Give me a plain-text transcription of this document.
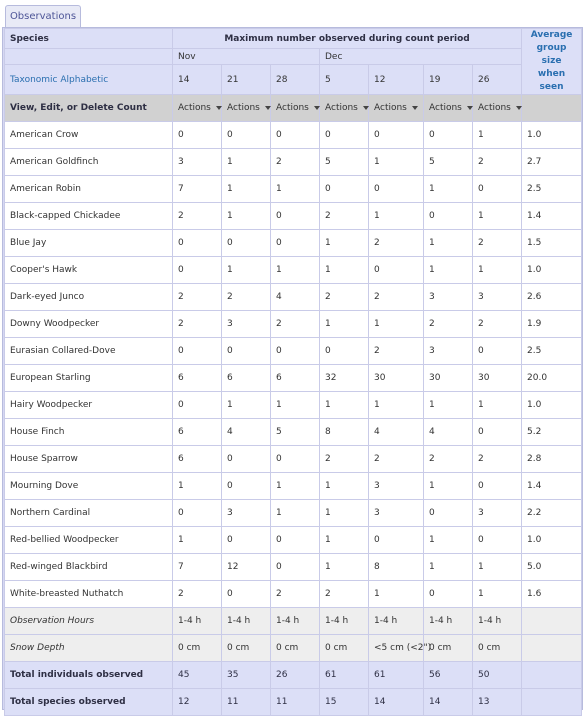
Observations
Species	Maximum number observed during count period							Average group size when seen
	Nov			Dec				
Taxonomic Alphabetic	14	21	28	5	12	19	26	
View, Edit, or Delete Count	Actions	Actions	Actions	Actions	Actions	Actions	Actions	

American Crow	0	0	0	0	0	0	1	1.0
American Goldfinch	3	1	2	5	1	5	2	2.7
American Robin	7	1	1	0	0	1	0	2.5
Black-capped Chickadee	2	1	0	2	1	0	1	1.4
Blue Jay	0	0	0	1	2	1	2	1.5
Cooper's Hawk	0	1	1	1	0	1	1	1.0
Dark-eyed Junco	2	2	4	2	2	3	3	2.6
Downy Woodpecker	2	3	2	1	1	2	2	1.9
Eurasian Collared-Dove	0	0	0	0	2	3	0	2.5
European Starling	6	6	6	32	30	30	30	20.0
Hairy Woodpecker	0	1	1	1	1	1	1	1.0
House Finch	6	4	5	8	4	4	0	5.2
House Sparrow	6	0	0	2	2	2	2	2.8
Mourning Dove	1	0	1	1	3	1	0	1.4
Northern Cardinal	0	3	1	1	3	0	3	2.2
Red-bellied Woodpecker	1	0	0	1	0	1	0	1.0
Red-winged Blackbird	7	12	0	1	8	1	1	5.0
White-breasted Nuthatch	2	0	2	2	1	0	1	1.6
Observation Hours	1-4 h	1-4 h	1-4 h	1-4 h	1-4 h	1-4 h	1-4 h	
Snow Depth	0 cm	0 cm	0 cm	0 cm	<5 cm (<2")	0 cm	0 cm	
Total individuals observed	45	35	26	61	61	56	50	
Total species observed	12	11	11	15	14	14	13	
